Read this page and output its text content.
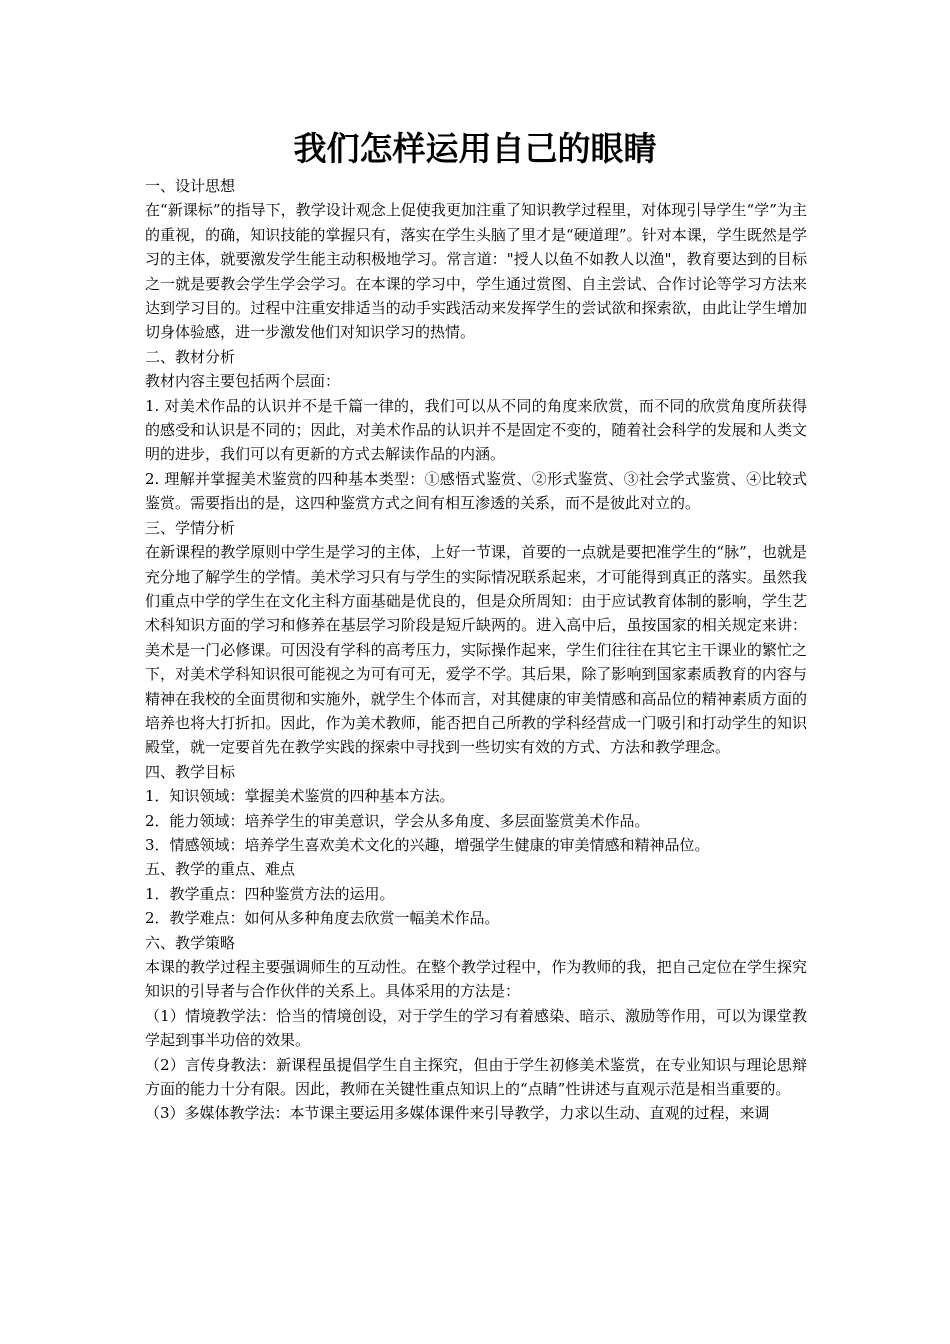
我们怎样运用自己的眼睛

一、设计思想

在“新课标”的指导下，教学设计观念上促使我更加注重了知识教学过程里，对体现引导学生“学”为主的重视，的确，知识技能的掌握只有，落实在学生头脑了里才是“硬道理”。针对本课，学生既然是学习的主体，就要激发学生能主动积极地学习。常言道："授人以鱼不如教人以渔"，教育要达到的目标之一就是要教会学生学会学习。在本课的学习中，学生通过赏图、自主尝试、合作讨论等学习方法来达到学习目的。过程中注重安排适当的动手实践活动来发挥学生的尝试欲和探索欲，由此让学生增加切身体验感，进一步激发他们对知识学习的热情。

二、教材分析

教材内容主要包括两个层面：

1. 对美术作品的认识并不是千篇一律的，我们可以从不同的角度来欣赏，而不同的欣赏角度所获得的感受和认识是不同的；因此，对美术作品的认识并不是固定不变的，随着社会科学的发展和人类文明的进步，我们可以有更新的方式去解读作品的内涵。

2. 理解并掌握美术鉴赏的四种基本类型：①感悟式鉴赏、②形式鉴赏、③社会学式鉴赏、④比较式鉴赏。需要指出的是，这四种鉴赏方式之间有相互渗透的关系，而不是彼此对立的。

三、学情分析

在新课程的教学原则中学生是学习的主体，上好一节课，首要的一点就是要把准学生的“脉”，也就是充分地了解学生的学情。美术学习只有与学生的实际情况联系起来，才可能得到真正的落实。虽然我们重点中学的学生在文化主科方面基础是优良的，但是众所周知：由于应试教育体制的影响，学生艺术科知识方面的学习和修养在基层学习阶段是短斤缺两的。进入高中后，虽按国家的相关规定来讲：美术是一门必修课。可因没有学科的高考压力，实际操作起来，学生们往往在其它主干课业的繁忙之下，对美术学科知识很可能视之为可有可无，爱学不学。其后果，除了影响到国家素质教育的内容与精神在我校的全面贯彻和实施外，就学生个体而言，对其健康的审美情感和高品位的精神素质方面的培养也将大打折扣。因此，作为美术教师，能否把自己所教的学科经营成一门吸引和打动学生的知识殿堂，就一定要首先在教学实践的探索中寻找到一些切实有效的方式、方法和教学理念。

四、教学目标

1．知识领域：掌握美术鉴赏的四种基本方法。

2．能力领域：培养学生的审美意识，学会从多角度、多层面鉴赏美术作品。

3．情感领域：培养学生喜欢美术文化的兴趣，增强学生健康的审美情感和精神品位。

五、教学的重点、难点

1．教学重点：四种鉴赏方法的运用。

2．教学难点：如何从多种角度去欣赏一幅美术作品。

六、教学策略

本课的教学过程主要强调师生的互动性。在整个教学过程中，作为教师的我，把自己定位在学生探究知识的引导者与合作伙伴的关系上。具体采用的方法是：

（1）情境教学法：恰当的情境创设，对于学生的学习有着感染、暗示、激励等作用，可以为课堂教学起到事半功倍的效果。

（2）言传身教法：新课程虽提倡学生自主探究，但由于学生初修美术鉴赏，在专业知识与理论思辩方面的能力十分有限。因此，教师在关键性重点知识上的“点睛”性讲述与直观示范是相当重要的。

（3）多媒体教学法：本节课主要运用多媒体课件来引导教学，力求以生动、直观的过程，来调
